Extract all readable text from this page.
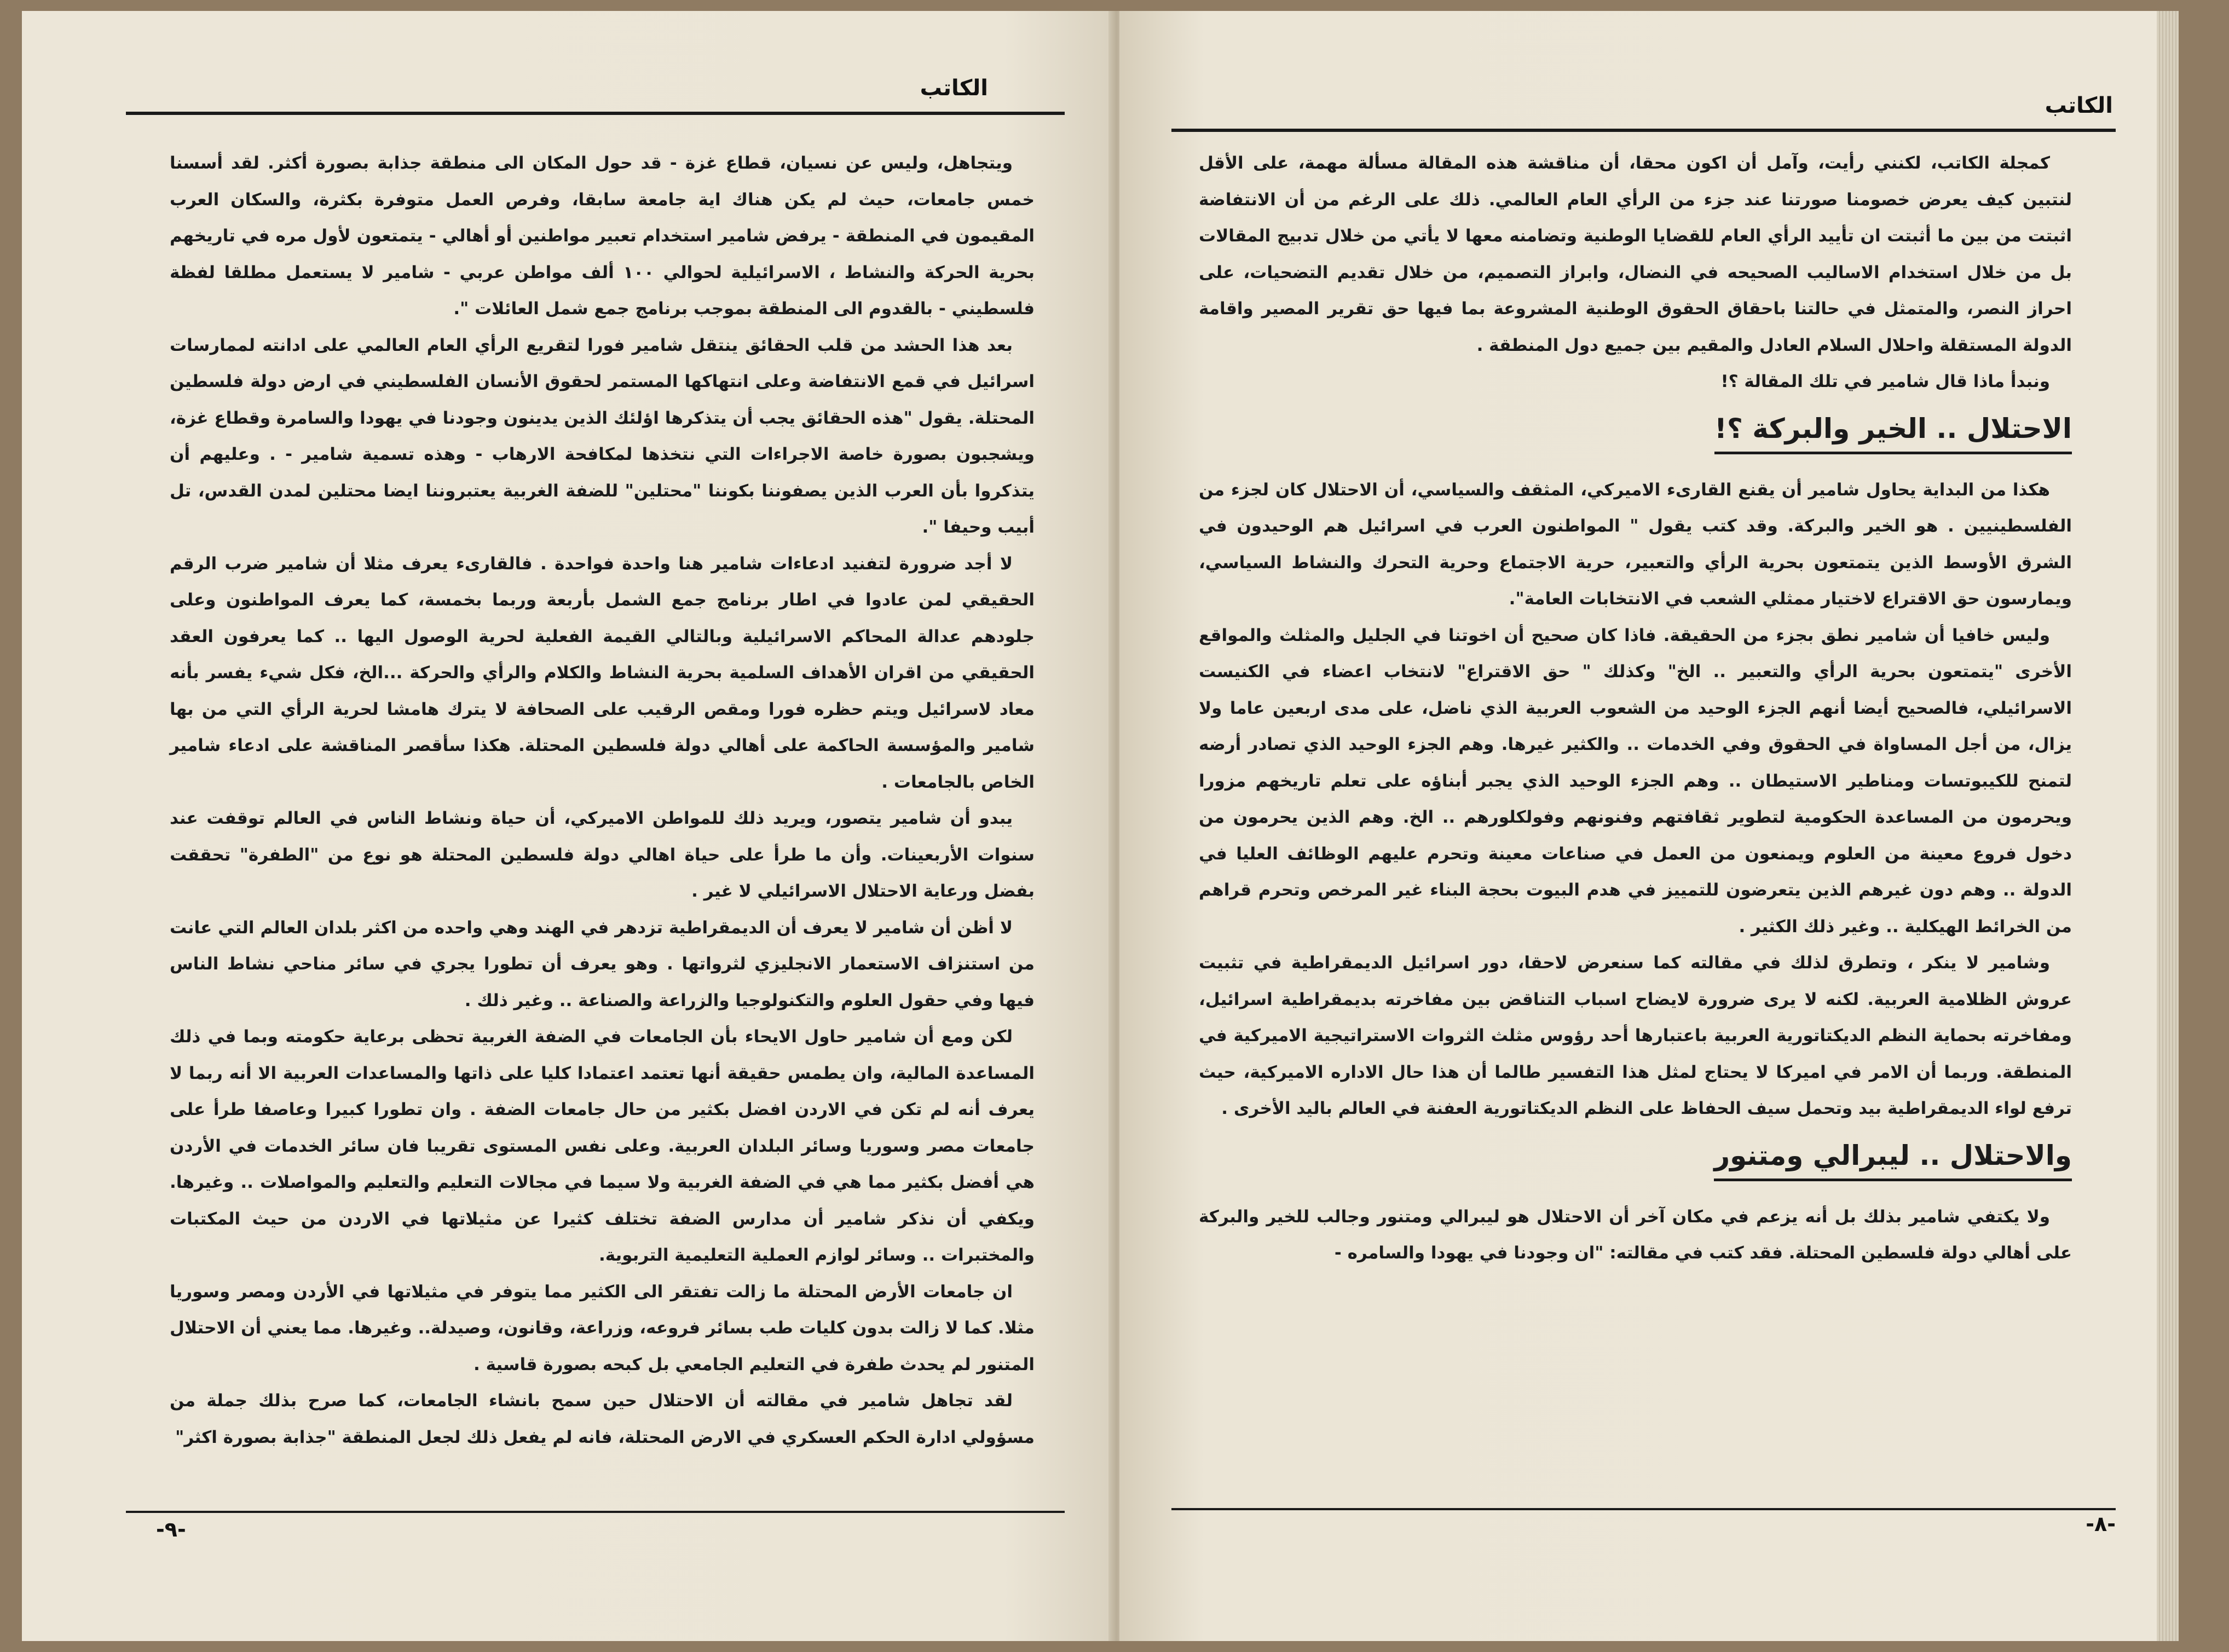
الكاتب

ويتجاهل، وليس عن نسيان، قطاع غزة - قد حول المكان الى منطقة جذابة بصورة أكثر. لقد أسسنا خمس جامعات، حيث لم يكن هناك اية جامعة سابقا، وفرص العمل متوفرة بكثرة، والسكان العرب المقيمون في المنطقة - يرفض شامير استخدام تعبير مواطنين أو أهالي - يتمتعون لأول مره في تاريخهم بحرية الحركة والنشاط ، الاسرائيلية لحوالي ١٠٠ ألف مواطن عربي - شامير لا يستعمل مطلقا لفظة فلسطيني - بالقدوم الى المنطقة بموجب برنامج جمع شمل العائلات ".

بعد هذا الحشد من قلب الحقائق ينتقل شامير فورا لتقريع الرأي العام العالمي على ادانته لممارسات اسرائيل في قمع الانتفاضة وعلى انتهاكها المستمر لحقوق الأنسان الفلسطيني في ارض دولة فلسطين المحتلة. يقول "هذه الحقائق يجب أن يتذكرها اؤلئك الذين يدينون وجودنا في يهودا والسامرة وقطاع غزة، ويشجبون بصورة خاصة الاجراءات التي نتخذها لمكافحة الارهاب - وهذه تسمية شامير - . وعليهم أن يتذكروا بأن العرب الذين يصفوننا بكوننا "محتلين" للضفة الغربية يعتبروننا ايضا محتلين لمدن القدس، تل أبيب وحيفا ".

لا أجد ضرورة لتفنيد ادعاءات شامير هنا واحدة فواحدة . فالقارىء يعرف مثلا أن شامير ضرب الرقم الحقيقي لمن عادوا في اطار برنامج جمع الشمل بأربعة وربما بخمسة، كما يعرف المواطنون وعلى جلودهم عدالة المحاكم الاسرائيلية وبالتالي القيمة الفعلية لحرية الوصول اليها .. كما يعرفون العقد الحقيقي من اقران الأهداف السلمية بحرية النشاط والكلام والرأي والحركة ...الخ، فكل شيء يفسر بأنه معاد لاسرائيل ويتم حظره فورا ومقص الرقيب على الصحافة لا يترك هامشا لحرية الرأي التي من بها شامير والمؤسسة الحاكمة على أهالي دولة فلسطين المحتلة. هكذا سأقصر المناقشة على ادعاء شامير الخاص بالجامعات .

يبدو أن شامير يتصور، ويريد ذلك للمواطن الاميركي، أن حياة ونشاط الناس في العالم توقفت عند سنوات الأربعينات. وأن ما طرأ على حياة اهالي دولة فلسطين المحتلة هو نوع من "الطفرة" تحققت بفضل ورعاية الاحتلال الاسرائيلي لا غير .

لا أظن أن شامير لا يعرف أن الديمقراطية تزدهر في الهند وهي واحده من اكثر بلدان العالم التي عانت من استنزاف الاستعمار الانجليزي لثرواتها . وهو يعرف أن تطورا يجري في سائر مناحي نشاط الناس فيها وفي حقول العلوم والتكنولوجيا والزراعة والصناعة .. وغير ذلك .

لكن ومع أن شامير حاول الايحاء بأن الجامعات في الضفة الغربية تحظى برعاية حكومته وبما في ذلك المساعدة المالية، وان يطمس حقيقة أنها تعتمد اعتمادا كليا على ذاتها والمساعدات العربية الا أنه ربما لا يعرف أنه لم تكن في الاردن افضل بكثير من حال جامعات الضفة . وان تطورا كبيرا وعاصفا طرأ على جامعات مصر وسوريا وسائر البلدان العربية. وعلى نفس المستوى تقريبا فان سائر الخدمات في الأردن هي أفضل بكثير مما هي في الضفة الغربية ولا سيما في مجالات التعليم والتعليم والمواصلات .. وغيرها. ويكفي أن نذكر شامير أن مدارس الضفة تختلف كثيرا عن مثيلاتها في الاردن من حيث المكتبات والمختبرات .. وسائر لوازم العملية التعليمية التربوية.

ان جامعات الأرض المحتلة ما زالت تفتقر الى الكثير مما يتوفر في مثيلاتها في الأردن ومصر وسوريا مثلا. كما لا زالت بدون كليات طب بسائر فروعه، وزراعة، وقانون، وصيدلة.. وغيرها. مما يعني أن الاحتلال المتنور لم يحدث طفرة في التعليم الجامعي بل كبحه بصورة قاسية .

لقد تجاهل شامير في مقالته أن الاحتلال حين سمح بانشاء الجامعات، كما صرح بذلك جملة من مسؤولي ادارة الحكم العسكري في الارض المحتلة، فانه لم يفعل ذلك لجعل المنطقة "جذابة بصورة اكثر"

-٩-
الكاتب

كمجلة الكاتب، لكنني رأيت، وآمل أن اكون محقا، أن مناقشة هذه المقالة مسألة مهمة، على الأقل لنتبين كيف يعرض خصومنا صورتنا عند جزء من الرأي العام العالمي. ذلك على الرغم من أن الانتفاضة اثبتت من بين ما أثبتت ان تأييد الرأي العام للقضايا الوطنية وتضامنه معها لا يأتي من خلال تدبيج المقالات بل من خلال استخدام الاساليب الصحيحه في النضال، وابراز التصميم، من خلال تقديم التضحيات، على احراز النصر، والمتمثل في حالتنا باحقاق الحقوق الوطنية المشروعة بما فيها حق تقرير المصير واقامة الدولة المستقلة واحلال السلام العادل والمقيم بين جميع دول المنطقة .

ونبدأ ماذا قال شامير في تلك المقالة ؟!

الاحتلال .. الخير والبركة ؟!

هكذا من البداية يحاول شامير أن يقنع القارىء الاميركي، المثقف والسياسي، أن الاحتلال كان لجزء من الفلسطينيين . هو الخير والبركة. وقد كتب يقول " المواطنون العرب في اسرائيل هم الوحيدون في الشرق الأوسط الذين يتمتعون بحرية الرأي والتعبير، حرية الاجتماع وحرية التحرك والنشاط السياسي، ويمارسون حق الاقتراع لاختيار ممثلي الشعب في الانتخابات العامة".

وليس خافيا أن شامير نطق بجزء من الحقيقة. فاذا كان صحيح أن اخوتنا في الجليل والمثلث والمواقع الأخرى "يتمتعون بحرية الرأي والتعبير .. الخ" وكذلك " حق الاقتراع" لانتخاب اعضاء في الكنيست الاسرائيلي، فالصحيح أيضا أنهم الجزء الوحيد من الشعوب العربية الذي ناضل، على مدى اربعين عاما ولا يزال، من أجل المساواة في الحقوق وفي الخدمات .. والكثير غيرها. وهم الجزء الوحيد الذي تصادر أرضه لتمنح للكيبوتسات ومناطير الاستيطان .. وهم الجزء الوحيد الذي يجبر أبناؤه على تعلم تاريخهم مزورا ويحرمون من المساعدة الحكومية لتطوير ثقافتهم وفنونهم وفولكلورهم .. الخ. وهم الذين يحرمون من دخول فروع معينة من العلوم ويمنعون من العمل في صناعات معينة وتحرم عليهم الوظائف العليا في الدولة .. وهم دون غيرهم الذين يتعرضون للتمييز في هدم البيوت بحجة البناء غير المرخص وتحرم قراهم من الخرائط الهيكلية .. وغير ذلك الكثير .

وشامير لا ينكر ، وتطرق لذلك في مقالته كما سنعرض لاحقا، دور اسرائيل الديمقراطية في تثبيت عروش الظلامية العربية. لكنه لا يرى ضرورة لايضاح اسباب التناقض بين مفاخرته بديمقراطية اسرائيل، ومفاخرته بحماية النظم الديكتاتورية العربية باعتبارها أحد رؤوس مثلث الثروات الاستراتيجية الاميركية في المنطقة. وربما أن الامر في اميركا لا يحتاج لمثل هذا التفسير طالما أن هذا حال الاداره الاميركية، حيث ترفع لواء الديمقراطية بيد وتحمل سيف الحفاظ على النظم الديكتاتورية العفنة في العالم باليد الأخرى .

والاحتلال .. ليبرالي ومتنور

ولا يكتفي شامير بذلك بل أنه يزعم في مكان آخر أن الاحتلال هو ليبرالي ومتنور وجالب للخير والبركة على أهالي دولة فلسطين المحتلة. فقد كتب في مقالته: "ان وجودنا في يهودا والسامره -

-٨-
